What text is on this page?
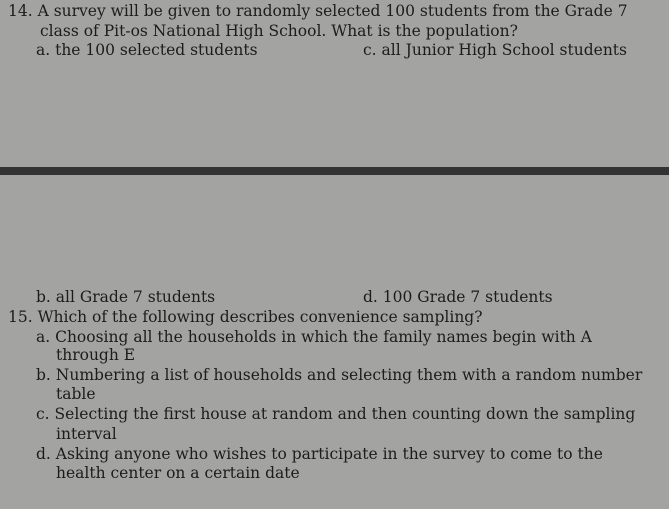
14. A survey will be given to randomly selected 100 students from the Grade 7
class of Pit-os National High School. What is the population?
a. the 100 selected students	c. all Junior High School students
b. all Grade 7 students	d. 100 Grade 7 students
15. Which of the following describes convenience sampling?
a. Choosing all the households in which the family names begin with A
through E
b. Numbering a list of households and selecting them with a random number
table
c. Selecting the first house at random and then counting down the sampling
interval
d. Asking anyone who wishes to participate in the survey to come to the
health center on a certain date
